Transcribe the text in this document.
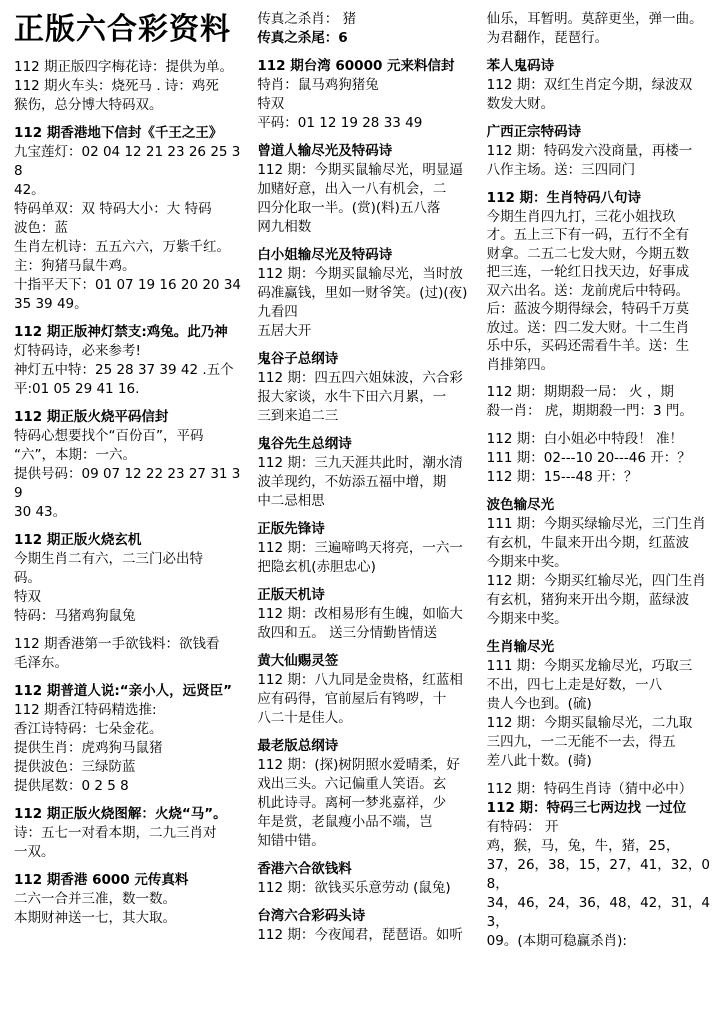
正版六合彩资料

112 期正版四字梅花诗：提供为单。

112 期火车头：烧死马 . 诗：鸡死

猴伤，总分博大特码双。

112 期香港地下信封《千王之王》

九宝莲灯：02 04 12 21 23 26 25 38

42。

特码单双：双 特码大小：大 特码

波色：蓝

生肖左机诗：五五六六，万紫千红。

主：狗猪马鼠牛鸡。

十指平天下：01 07 19 16 20 20 34

35 39 49。

112 期正版神灯禁支:鸡兔。此乃神

灯特码诗，必来参考!

神灯五中特：25 28 37 39 42 .五个

平:01 05 29 41 16.

112 期正版火烧平码信封

特码心想要找个“百份百”，平码

“六”，本期：一六。

提供号码：09 07 12 22 23 27 31 39

30 43。

112 期正版火烧玄机

今期生肖二有六，二三门必出特

码。

特双

特码：马猪鸡狗鼠兔

112 期香港第一手欲钱料：欲钱看

毛泽东。

112 期普道人说:“亲小人，远贤臣”

112 期香江特码精选推:

香江诗特码：七朵金花。

提供生肖：虎鸡狗马鼠猪

提供波色：三绿防蓝

提供尾数：0 2 5 8

112 期正版火烧图解：火烧“马”。

诗：五七一对看本期，二九三肖对

一双。

112 期香港 6000 元传真料

二六一合并三准，数一数。

本期财神送一七，其大取。

传真之杀肖： 猪

传真之杀尾：6

112 期台湾 60000 元来料信封

特肖：鼠马鸡狗猪兔

特双

平码：01 12 19 28 33 49

曾道人输尽光及特码诗

112 期：今期买鼠输尽光，明显逼

加赌好意，出入一八有机会，二

四分化取一半。(赏)(料)五八落

网九相数

白小姐输尽光及特码诗

112 期：今期买鼠输尽光，当时放

码准赢钱，里如一财爷笑。(过)(夜)九看四

五居大开

鬼谷子总纲诗

112 期：四五四六姐妹波，六合彩

报大家谈，水牛下田六月累，一

三到来追二三

鬼谷先生总纲诗

112 期：三九天涯共此时，潮水清

波羊现约，不妨添五福中增，期

中二忌相思

正版先锋诗

112 期：三遍啼鸣天将亮，一六一

把隐玄机(赤胆忠心)

正版天机诗

112 期：改相易形有生魄，如临大

敌四和五。 送三分情勤皆情送

黄大仙赐灵签

112 期：八九同是金贵格，红蓝相

应有码得，官前屋后有鸨哕，十

八二十是佳人。

最老版总纲诗

112 期：(探)树阴照水爱晴柔，好

戏出三头。六记偏重人笑语。玄

机此诗寻。离柯一梦兆嘉祥，少

年是赏，老鼠瘦小品不端，岂

知错中错。

香港六合欲钱料

112 期：欲钱买乐意劳动 (鼠兔)

台湾六合彩码头诗

112 期：今夜闻君，琵琶语。如听

仙乐，耳暂明。莫辞更坐，弹一曲。

为君翻作，琵琶行。

苯人鬼码诗

112 期：双红生肖定今期，绿波双

数发大财。

广西正宗特码诗

112 期：特码发六没商量，再楼一

八作主场。送：三四同门

112 期：生肖特码八句诗

今期生肖四九打，三花小姐找玖

才。五上三下有一码，五行不全有

财拿。二五二七发大财，今期五数

把三连，一轮红日找天边，好事成

双六出名。送：龙前虎后中特码。

后：蓝波今期得绿会，特码千万莫

放过。送：四二发大财。十二生肖

乐中乐，买码还需看牛羊。送：生

肖排第四。

112 期：期期殺一局： 火 ，期

殺一肖： 虎，期期殺一門：3 門。

112 期：白小姐必中特段！ 准！

111 期：02---10 20---46 开：？

112 期：15---48 开：？

波色输尽光

111 期：今期买绿输尽光，三门生肖

有玄机，牛鼠来开出今期，红蓝波

今期来中奖。

112 期：今期买红输尽光，四门生肖

有玄机，猪狗来开出今期，蓝绿波

今期来中奖。

生肖输尽光

111 期：今期买龙输尽光，巧取三

不出，四七上走是好数，一八

贵人今也到。(硫)

112 期：今期买鼠输尽光，二九取

三四九，一二无能不一去，得五

差八此十数。(骑)

112 期：特码生肖诗（猜中必中）

112 期：特码三七两边找 一过位

有特码： 开

鸡，猴，马，兔，牛，猪，25，

37，26，38，15，27，41，32，08，

34，46，24，36，48，42，31，43，

09。(本期可稳赢杀肖):
